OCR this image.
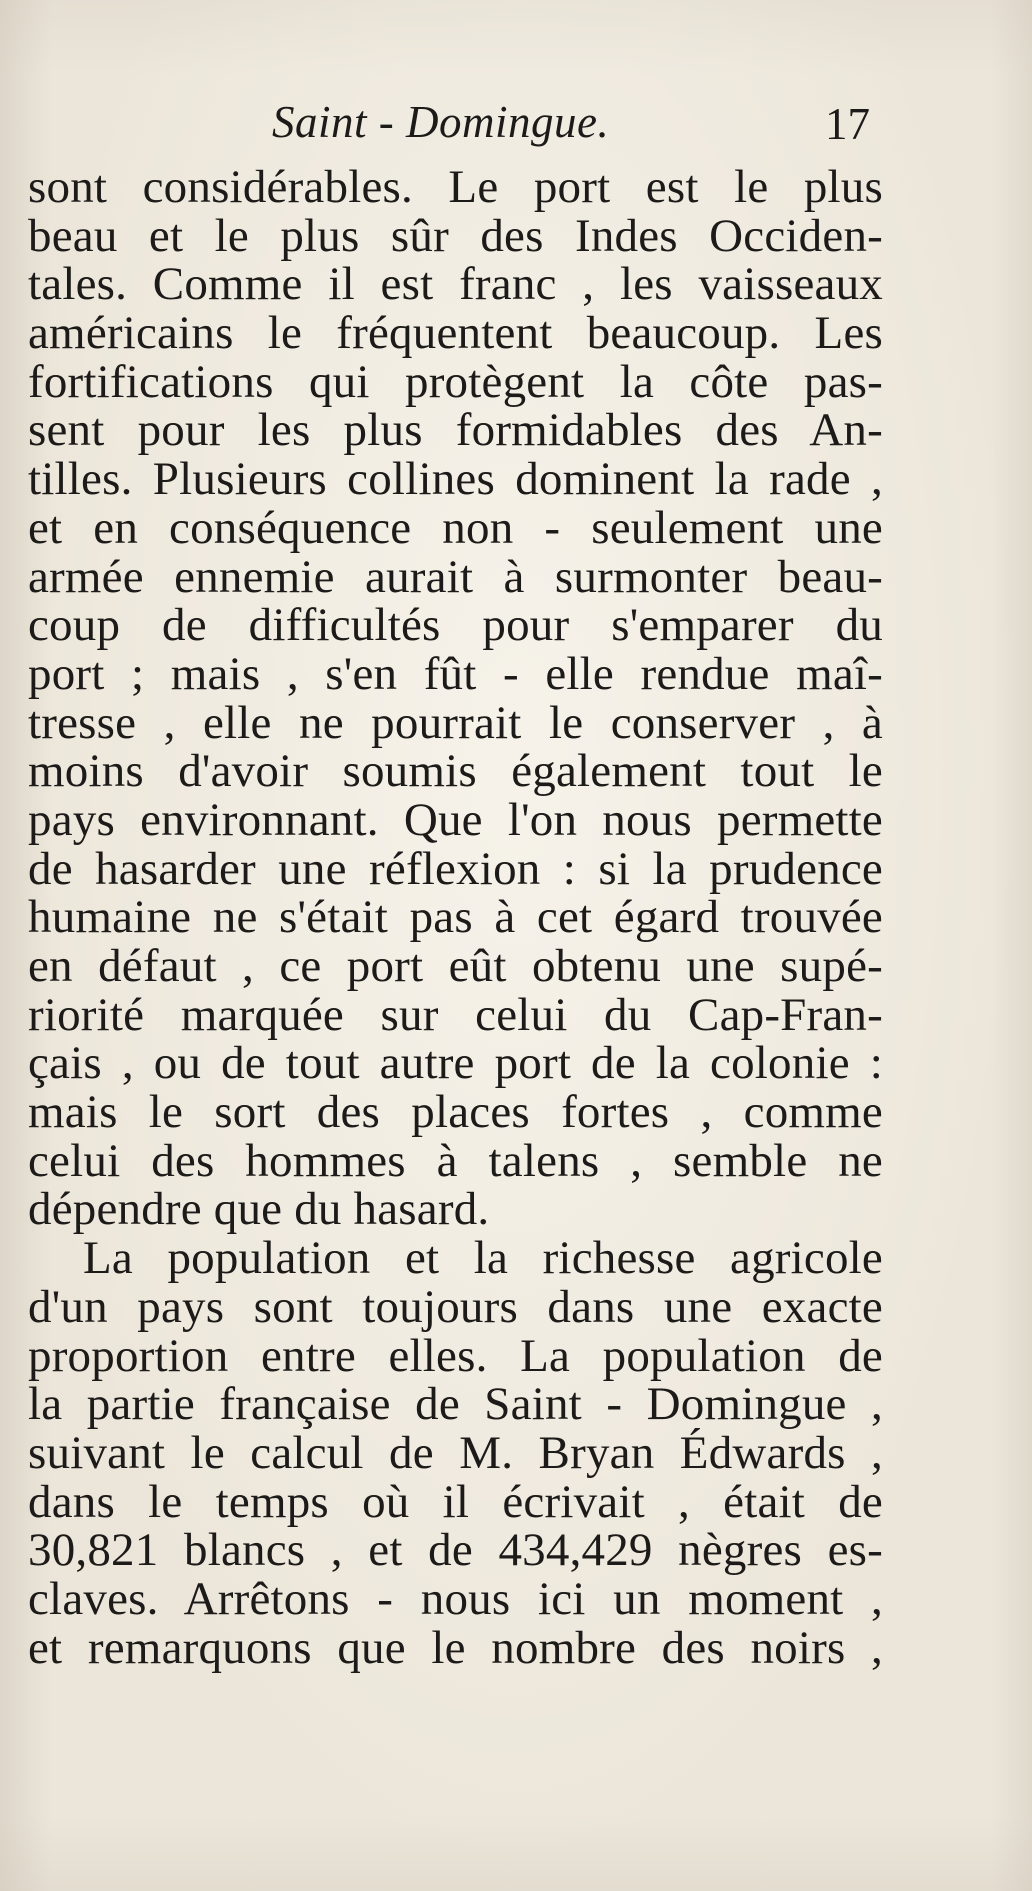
Saint - Domingue.	17
sont considérables. Le port est le plus
beau et le plus sûr des Indes Occiden-
tales. Comme il est franc , les vaisseaux
américains le fréquentent beaucoup. Les
fortifications qui protègent la côte pas-
sent pour les plus formidables des An-
tilles. Plusieurs collines dominent la rade ,
et en conséquence non - seulement une
armée ennemie aurait à surmonter beau-
coup de difficultés pour s'emparer du
port ; mais , s'en fût - elle rendue maî-
tresse , elle ne pourrait le conserver , à
moins d'avoir soumis également tout le
pays environnant. Que l'on nous permette
de hasarder une réflexion : si la prudence
humaine ne s'était pas à cet égard trouvée
en défaut , ce port eût obtenu une supé-
riorité marquée sur celui du Cap-Fran-
çais , ou de tout autre port de la colonie :
mais le sort des places fortes , comme
celui des hommes à talens , semble ne
dépendre que du hasard.
La population et la richesse agricole
d'un pays sont toujours dans une exacte
proportion entre elles. La population de
la partie française de Saint - Domingue ,
suivant le calcul de M. Bryan Édwards ,
dans le temps où il écrivait , était de
30,821 blancs , et de 434,429 nègres es-
claves. Arrêtons - nous ici un moment ,
et remarquons que le nombre des noirs ,
